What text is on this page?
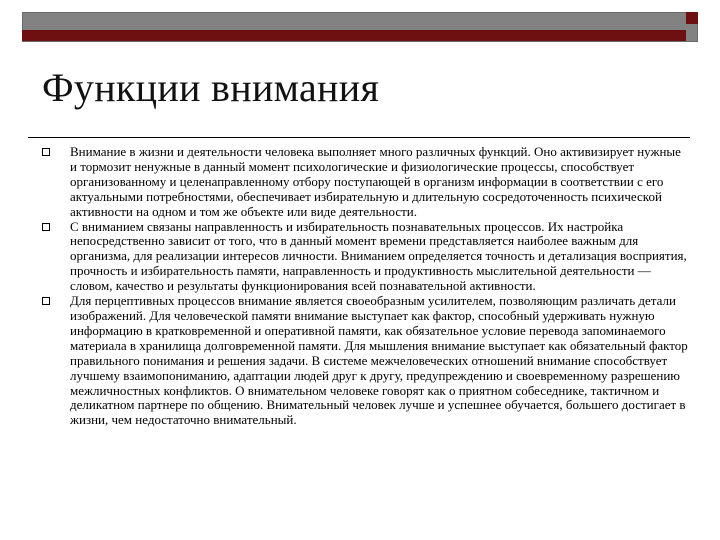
Функции внимания
Внимание в жизни и деятельности человека выполняет много различных функций. Оно активизирует нужные и тормозит ненужные в данный момент психологические и физиологические процессы, способствует организованному и целенаправленному отбору поступающей в организм информации в соответствии с его актуальными потребностями, обеспечивает избирательную и длительную сосредоточенность психической активности на одном и том же объекте или виде деятельности.
С вниманием связаны направленность и избирательность познавательных процессов. Их настройка непосредственно зависит от того, что в данный момент времени представляется наиболее важным для организма, для реализации интересов личности. Вниманием определяется точность и детализация восприятия, прочность и избирательность памяти, направленность и продуктивность мыслительной деятельности — словом, качество и результаты функционирования всей познавательной активности.
Для перцептивных процессов внимание является своеобразным усилителем, позволяющим различать детали изображений. Для человеческой памяти внимание выступает как фактор, способный удерживать нужную информацию в кратковременной и оперативной памяти, как обязательное условие перевода запоминаемого материала в хранилища долговременной памяти. Для мышления внимание выступает как обязательный фактор правильного понимания и решения задачи. В системе межчеловеческих отношений внимание способствует лучшему взаимопониманию, адаптации людей друг к другу, предупреждению и своевременному разрешению межличностных конфликтов. О внимательном человеке говорят как о приятном собеседнике, тактичном и деликатном партнере по общению. Внимательный человек лучше и успешнее обучается, большего достигает в жизни, чем недостаточно внимательный.
